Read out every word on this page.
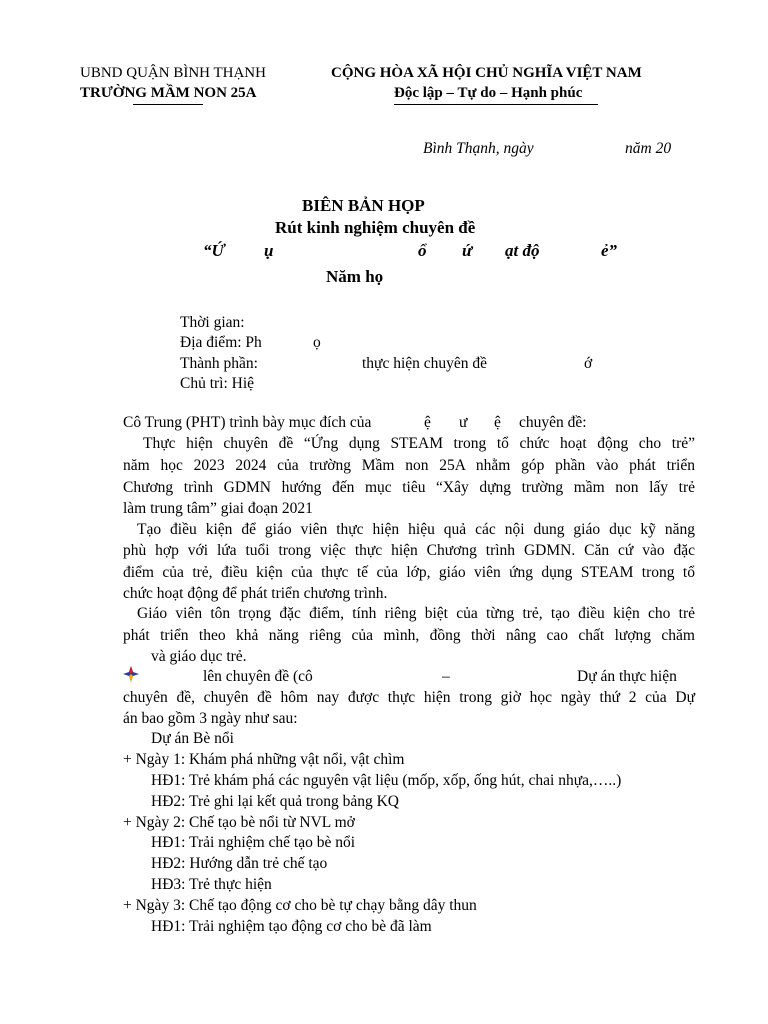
UBND QUẬN BÌNH THẠNH
TRƯỜNG MẦM NON 25A
CỘNG HÒA XÃ HỘI CHỦ NGHĨA VIỆT NAM
Độc lập – Tự do – Hạnh phúc
Bình Thạnh, ngày	năm 20
BIÊN BẢN HỌP
Rút kinh nghiệm chuyên đề
“Ứ ụ	ổ ứ ạt độ	ẻ”
Năm họ
Thời gian:
Địa điểm: Ph	ọ
Thành phần:	thực hiện chuyên đề	ớ
Chủ trì: Hiệ
Cô Trung (PHT) trình bày mục đích của	ệ ư ệ chuyên đề:
Thực hiện chuyên đề “Ứng dụng STEAM trong tổ chức hoạt động cho trẻ”
năm học 2023 2024 của trường Mầm non 25A nhằm góp phần vào phát triển
Chương trình GDMN hướng đến mục tiêu “Xây dựng trường mầm non lấy trẻ
làm trung tâm” giai đoạn 2021
Tạo điều kiện để giáo viên thực hiện hiệu quả các nội dung giáo dục kỹ năng
phù hợp với lứa tuổi trong việc thực hiện Chương trình GDMN. Căn cứ vào đặc
điểm của trẻ, điều kiện của thực tế của lớp, giáo viên ứng dụng STEAM trong tổ
chức hoạt động để phát triển chương trình.
Giáo viên tôn trọng đặc điểm, tính riêng biệt của từng trẻ, tạo điều kiện cho trẻ
phát triển theo khả năng riêng của mình, đồng thời nâng cao chất lượng chăm
và giáo dục trẻ.
lên chuyên đề (cô	–	Dự án thực hiện
chuyên đề, chuyên đề hôm nay được thực hiện trong giờ học ngày thứ 2 của Dự
án bao gồm 3 ngày như sau:
Dự án Bè nổi
+ Ngày 1: Khám phá những vật nổi, vật chìm
HĐ1: Trẻ khám phá các nguyên vật liệu (mốp, xốp, ống hút, chai nhựa,…..)
HĐ2: Trẻ ghi lại kết quả trong bảng KQ
+ Ngày 2: Chế tạo bè nổi từ NVL mở
HĐ1: Trải nghiệm chế tạo bè nổi
HĐ2: Hướng dẫn trẻ chế tạo
HĐ3: Trẻ thực hiện
+ Ngày 3: Chế tạo động cơ cho bè tự chạy bằng dây thun
HĐ1: Trải nghiệm tạo động cơ cho bè đã làm
